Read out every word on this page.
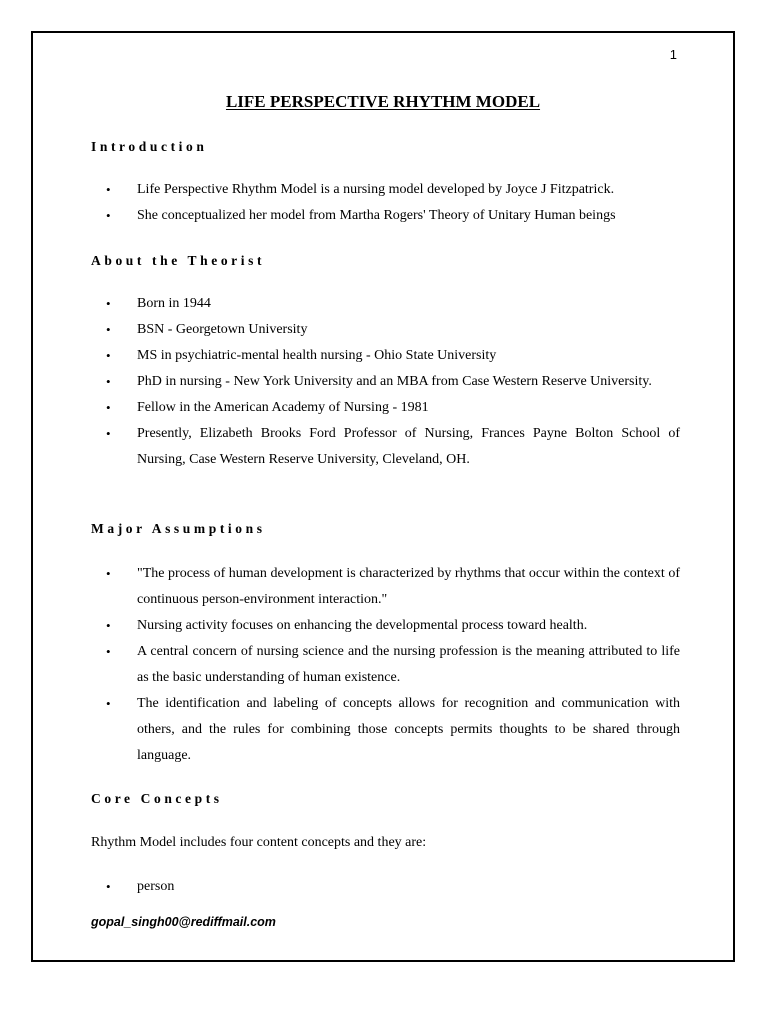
1
LIFE PERSPECTIVE RHYTHM MODEL
Introduction
• Life Perspective Rhythm Model is a nursing model developed by Joyce J Fitzpatrick.
• She conceptualized her model from Martha Rogers' Theory of Unitary Human beings
About the Theorist
• Born in 1944
• BSN - Georgetown University
• MS in psychiatric-mental health nursing - Ohio State University
• PhD in nursing - New York University and an MBA from Case Western Reserve University.
• Fellow in the American Academy of Nursing - 1981
• Presently, Elizabeth Brooks Ford Professor of Nursing, Frances Payne Bolton School of Nursing, Case Western Reserve University, Cleveland, OH.
Major Assumptions
• "The process of human development is characterized by rhythms that occur within the context of continuous person-environment interaction."
• Nursing activity focuses on enhancing the developmental process toward health.
• A central concern of nursing science and the nursing profession is the meaning attributed to life as the basic understanding of human existence.
• The identification and labeling of concepts allows for recognition and communication with others, and the rules for combining those concepts permits thoughts to be shared through language.
Core Concepts
Rhythm Model includes four content concepts and they are:
• person
gopal_singh00@rediffmail.com
